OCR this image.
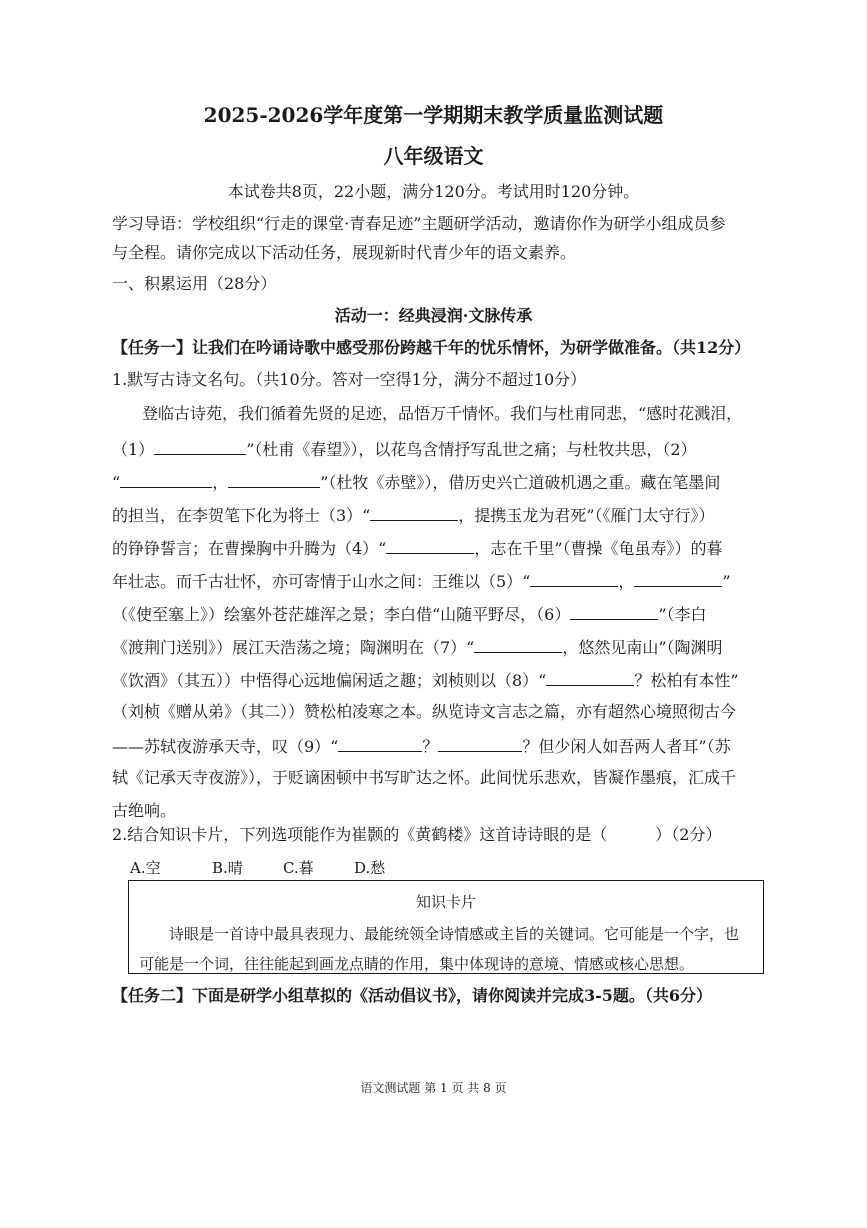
2025-2026学年度第一学期期末教学质量监测试题
八年级语文
本试卷共8页，22小题，满分120分。考试用时120分钟。
学习导语：学校组织“行走的课堂·青春足迹”主题研学活动，邀请你作为研学小组成员参
与全程。请你完成以下活动任务，展现新时代青少年的语文素养。
一、积累运用（28分）
活动一：经典浸润·文脉传承
【任务一】让我们在吟诵诗歌中感受那份跨越千年的忧乐情怀，为研学做准备。（共12分）
1.默写古诗文名句。（共10分。答对一空得1分，满分不超过10分）
登临古诗苑，我们循着先贤的足迹，品悟万千情怀。我们与杜甫同悲，“感时花溅泪，
（1）	”（杜甫《春望》），以花鸟含情抒写乱世之痛；与杜牧共思，（2）
“	，	”（杜牧《赤壁》），借历史兴亡道破机遇之重。藏在笔墨间
的担当，在李贺笔下化为将士（3）“	，提携玉龙为君死”（《雁门太守行》）
的铮铮誓言；在曹操胸中升腾为（4）“	，志在千里”（曹操《龟虽寿》）的暮
年壮志。而千古壮怀，亦可寄情于山水之间：王维以（5）“	，	”
（《使至塞上》）绘塞外苍茫雄浑之景；李白借“山随平野尽，（6）	”（李白
《渡荆门送别》）展江天浩荡之境；陶渊明在（7）“	，悠然见南山”（陶渊明
《饮酒》（其五））中悟得心远地偏闲适之趣；刘桢则以（8）“	？松柏有本性”
（刘桢《赠从弟》（其二））赞松柏凌寒之本。纵览诗文言志之篇，亦有超然心境照彻古今
——苏轼夜游承天寺，叹（9）“	？	？但少闲人如吾两人者耳”（苏
轼《记承天寺夜游》），于贬谪困顿中书写旷达之怀。此间忧乐悲欢，皆凝作墨痕，汇成千
古绝响。
2.结合知识卡片，下列选项能作为崔颢的《黄鹤楼》这首诗诗眼的是（　　　）（2分）
A.空	B.晴	C.暮	D.愁
知识卡片
诗眼是一首诗中最具表现力、最能统领全诗情感或主旨的关键词。它可能是一个字，也
可能是一个词，往往能起到画龙点睛的作用，集中体现诗的意境、情感或核心思想。
【任务二】下面是研学小组草拟的《活动倡议书》，请你阅读并完成3-5题。（共6分）
语文测试题 第 1 页 共 8 页
